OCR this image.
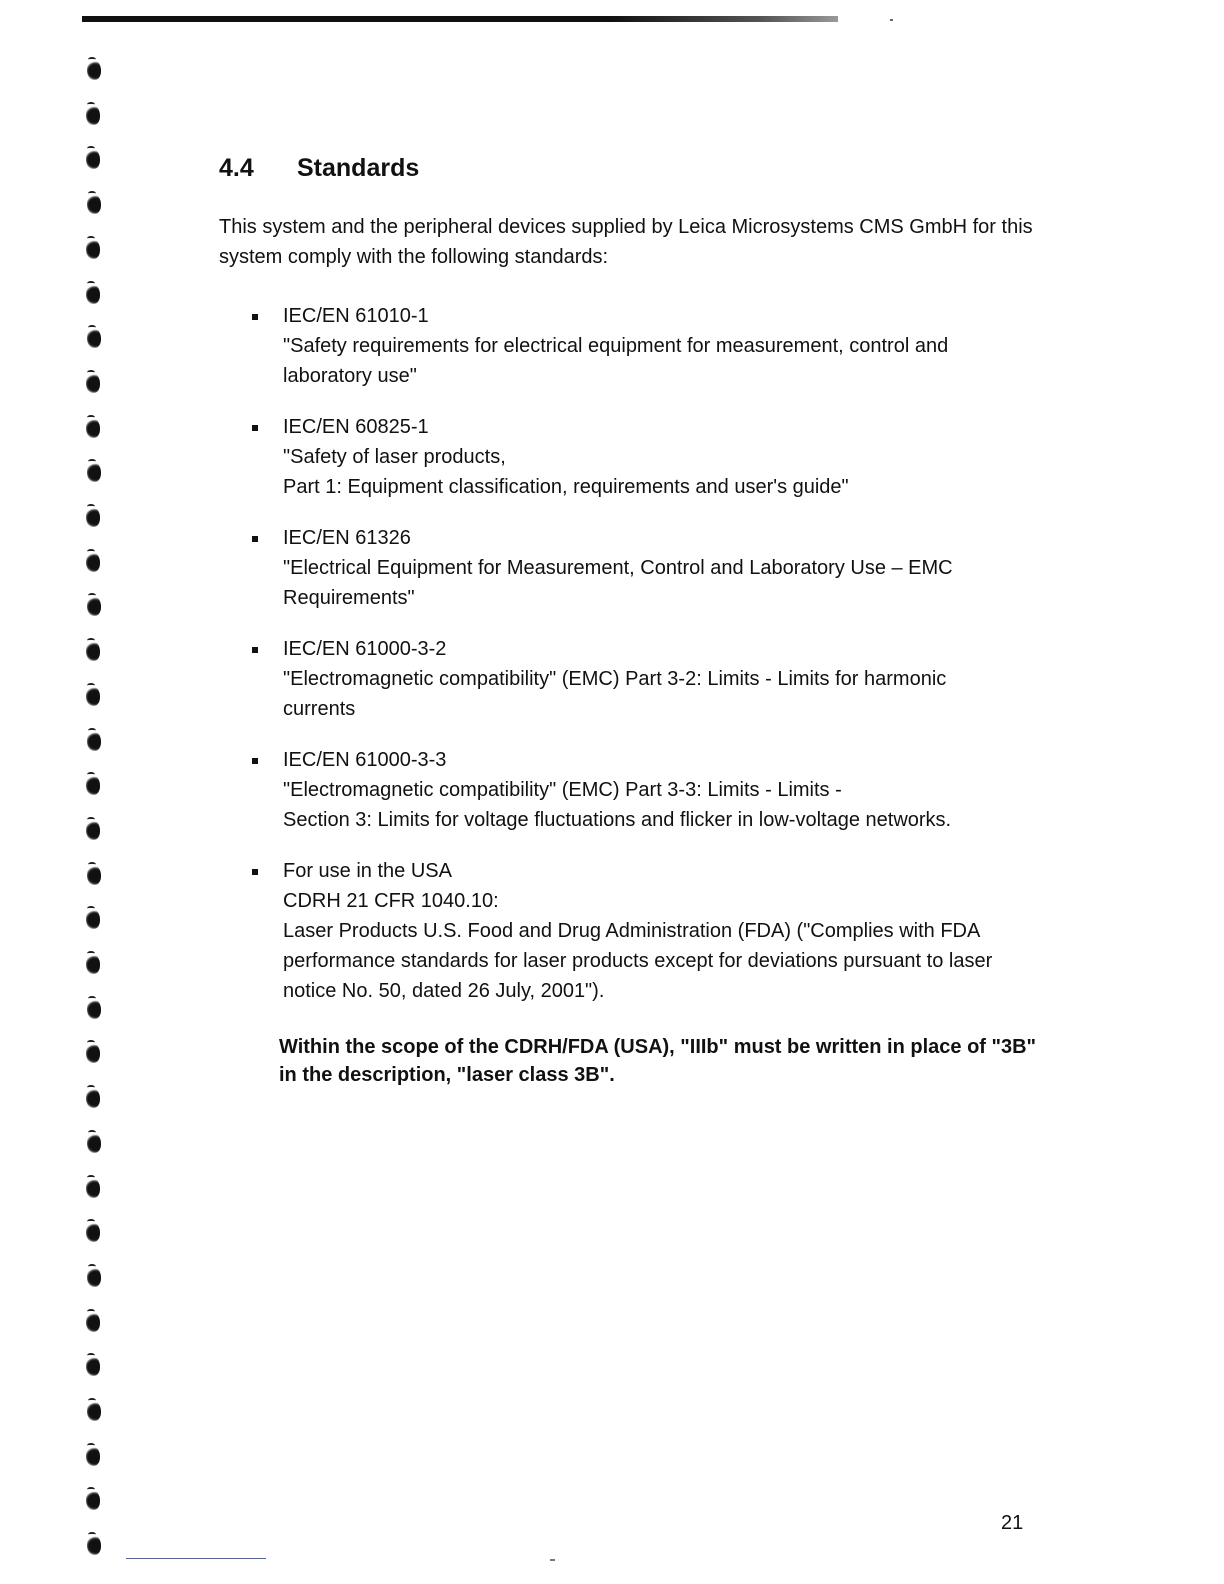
4.4	Standards

This system and the peripheral devices supplied by Leica Microsystems CMS GmbH for this system comply with the following standards:

IEC/EN 61010-1
"Safety requirements for electrical equipment for measurement, control and
laboratory use"
IEC/EN 60825-1
"Safety of laser products,
Part 1: Equipment classification, requirements and user's guide"
IEC/EN 61326
"Electrical Equipment for Measurement, Control and Laboratory Use – EMC
Requirements"
IEC/EN 61000-3-2
"Electromagnetic compatibility" (EMC) Part 3-2: Limits - Limits for harmonic
currents
IEC/EN 61000-3-3
"Electromagnetic compatibility" (EMC) Part 3-3: Limits - Limits -
Section 3: Limits for voltage fluctuations and flicker in low-voltage networks.
For use in the USA
CDRH 21 CFR 1040.10:
Laser Products U.S. Food and Drug Administration (FDA) ("Complies with FDA
performance standards for laser products except for deviations pursuant to laser
notice No. 50, dated 26 July, 2001").

Within the scope of the CDRH/FDA (USA), "IIIb" must be written in place of "3B" in the description, "laser class 3B".

21
